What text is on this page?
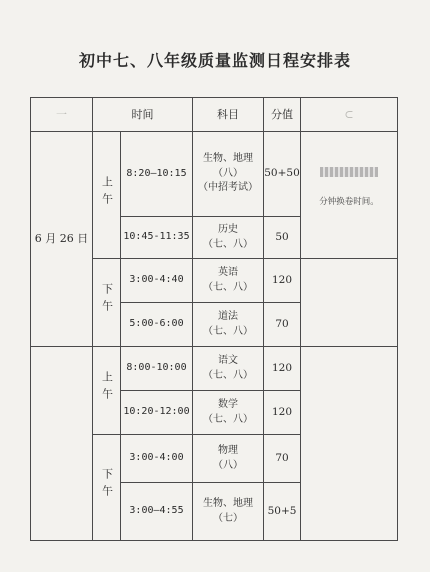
初中七、八年级质量监测日程安排表
一	时间		科目	分值	⊂
6 月 26 日	上午	8:20—10:15	生物、地理
（八）
（中招考试）	50+50	分钟换卷时间。

		10:45-11:35	历史
（七、八）	50	
	下午	3:00-4:40	英语
（七、八）	120	
		5:00-6:00	道法
（七、八）	70	
	上午	8:00-10:00	语文
（七、八）	120	
		10:20-12:00	数学
（七、八）	120	
	下午	3:00-4:00	物理
（八）	70	
		3:00—4:55	生物、地理
（七）	50+5	
